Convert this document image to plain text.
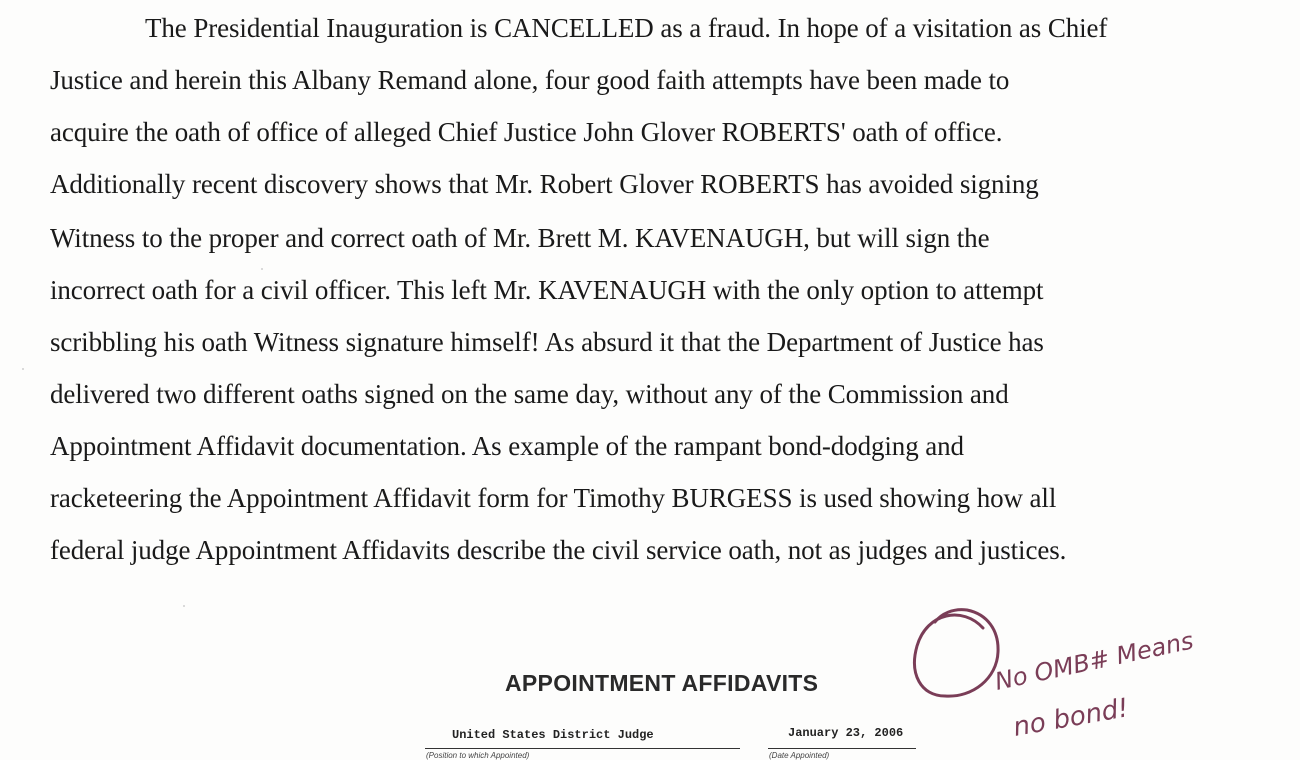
The Presidential Inauguration is CANCELLED as a fraud. In hope of a visitation as Chief
Justice and herein this Albany Remand alone, four good faith attempts have been made to
acquire the oath of office of alleged Chief Justice John Glover ROBERTS' oath of office.
Additionally recent discovery shows that Mr. Robert Glover ROBERTS has avoided signing
Witness to the proper and correct oath of Mr. Brett M. KAVENAUGH, but will sign the
incorrect oath for a civil officer. This left Mr. KAVENAUGH with the only option to attempt
scribbling his oath Witness signature himself! As absurd it that the Department of Justice has
delivered two different oaths signed on the same day, without any of the Commission and
Appointment Affidavit documentation. As example of the rampant bond-dodging and
racketeering the Appointment Affidavit form for Timothy BURGESS is used showing how all
federal judge Appointment Affidavits describe the civil service oath, not as judges and justices.
APPOINTMENT AFFIDAVITS
United States District Judge
(Position to which Appointed)
January 23, 2006
(Date Appointed)
No OMB# Means
no bond!
